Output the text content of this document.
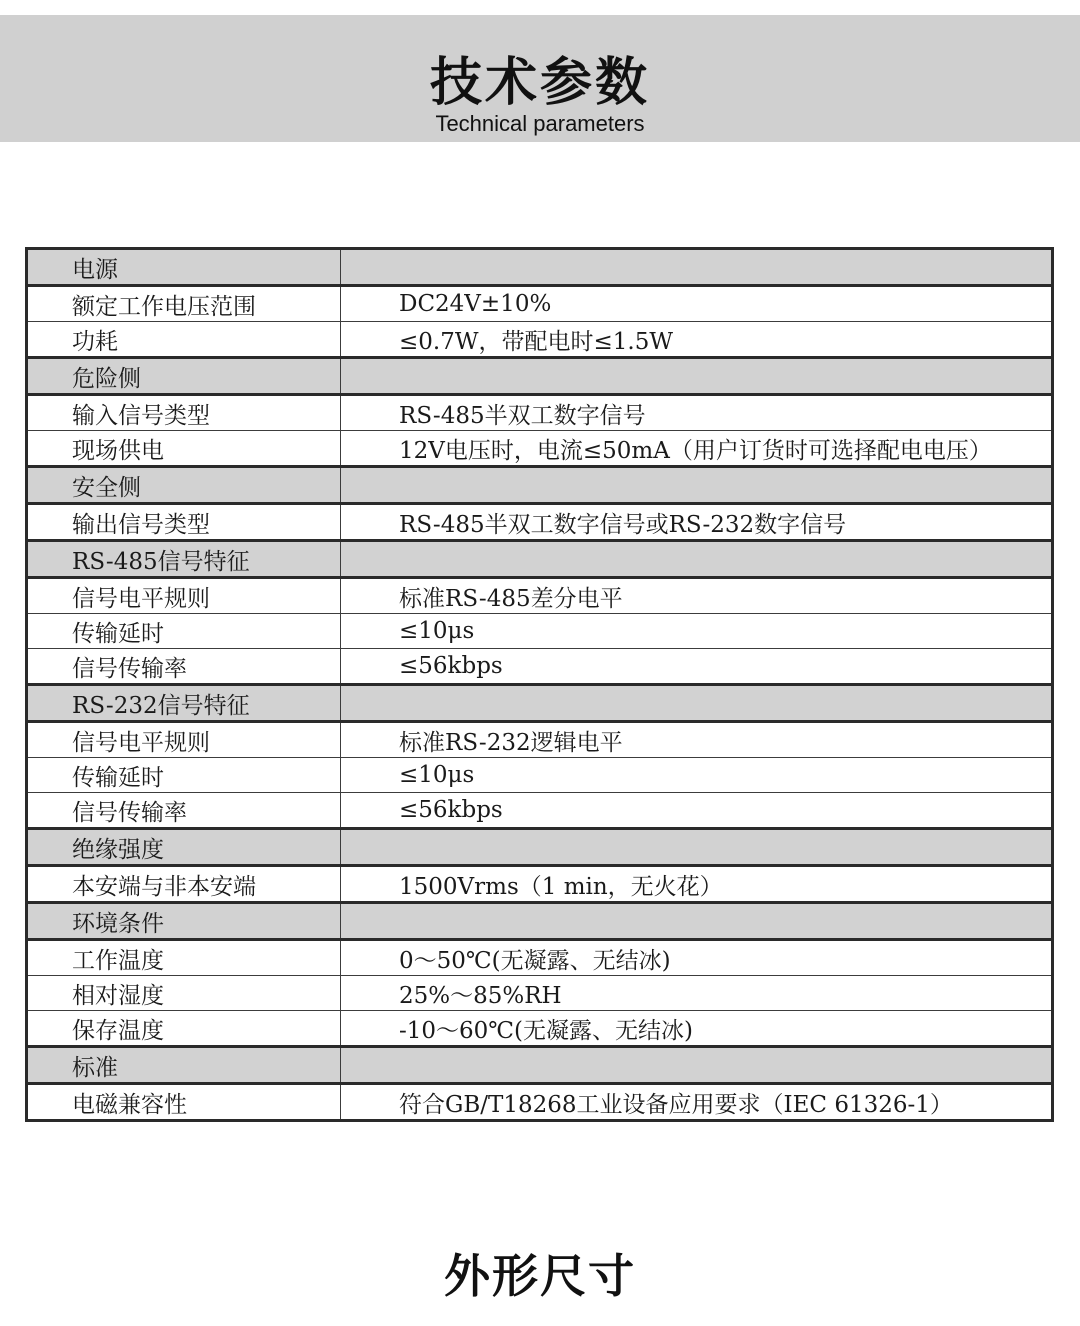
技术参数
Technical parameters
电源	
额定工作电压范围	DC24V±10%
功耗	≤0.7W，带配电时≤1.5W
危险侧	
输入信号类型	RS-485半双工数字信号
现场供电	12V电压时，电流≤50mA（用户订货时可选择配电电压）
安全侧	
输出信号类型	RS-485半双工数字信号或RS-232数字信号
RS-485信号特征	
信号电平规则	标准RS-485差分电平
传输延时	≤10μs
信号传输率	≤56kbps
RS-232信号特征	
信号电平规则	标准RS-232逻辑电平
传输延时	≤10μs
信号传输率	≤56kbps
绝缘强度	
本安端与非本安端	1500Vrms（1 min，无火花）
环境条件	
工作温度	0～50℃(无凝露、无结冰)
相对湿度	25%～85%RH
保存温度	-10～60℃(无凝露、无结冰)
标准	
电磁兼容性	符合GB/T18268工业设备应用要求（IEC 61326-1）
外形尺寸
